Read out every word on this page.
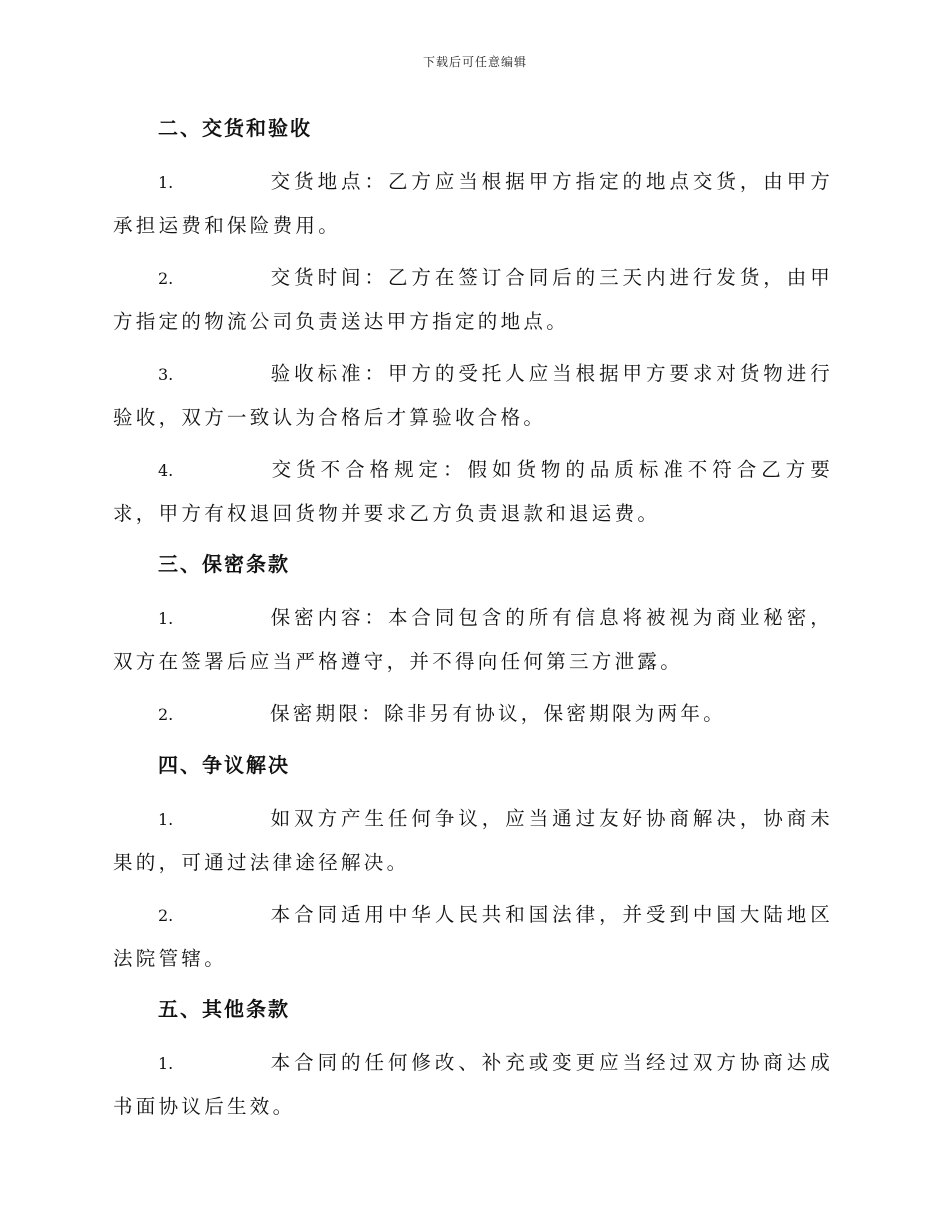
下载后可任意编辑
二、交货和验收
1.	交货地点：乙方应当根据甲方指定的地点交货，由甲方承担运费和保险费用。
2.	交货时间：乙方在签订合同后的三天内进行发货，由甲方指定的物流公司负责送达甲方指定的地点。
3.	验收标准：甲方的受托人应当根据甲方要求对货物进行验收，双方一致认为合格后才算验收合格。
4.	交货不合格规定：假如货物的品质标准不符合乙方要求，甲方有权退回货物并要求乙方负责退款和退运费。
三、保密条款
1.	保密内容：本合同包含的所有信息将被视为商业秘密，双方在签署后应当严格遵守，并不得向任何第三方泄露。
2.	保密期限：除非另有协议，保密期限为两年。
四、争议解决
1.	如双方产生任何争议，应当通过友好协商解决，协商未果的，可通过法律途径解决。
2.	本合同适用中华人民共和国法律，并受到中国大陆地区法院管辖。
五、其他条款
1.	本合同的任何修改、补充或变更应当经过双方协商达成书面协议后生效。
